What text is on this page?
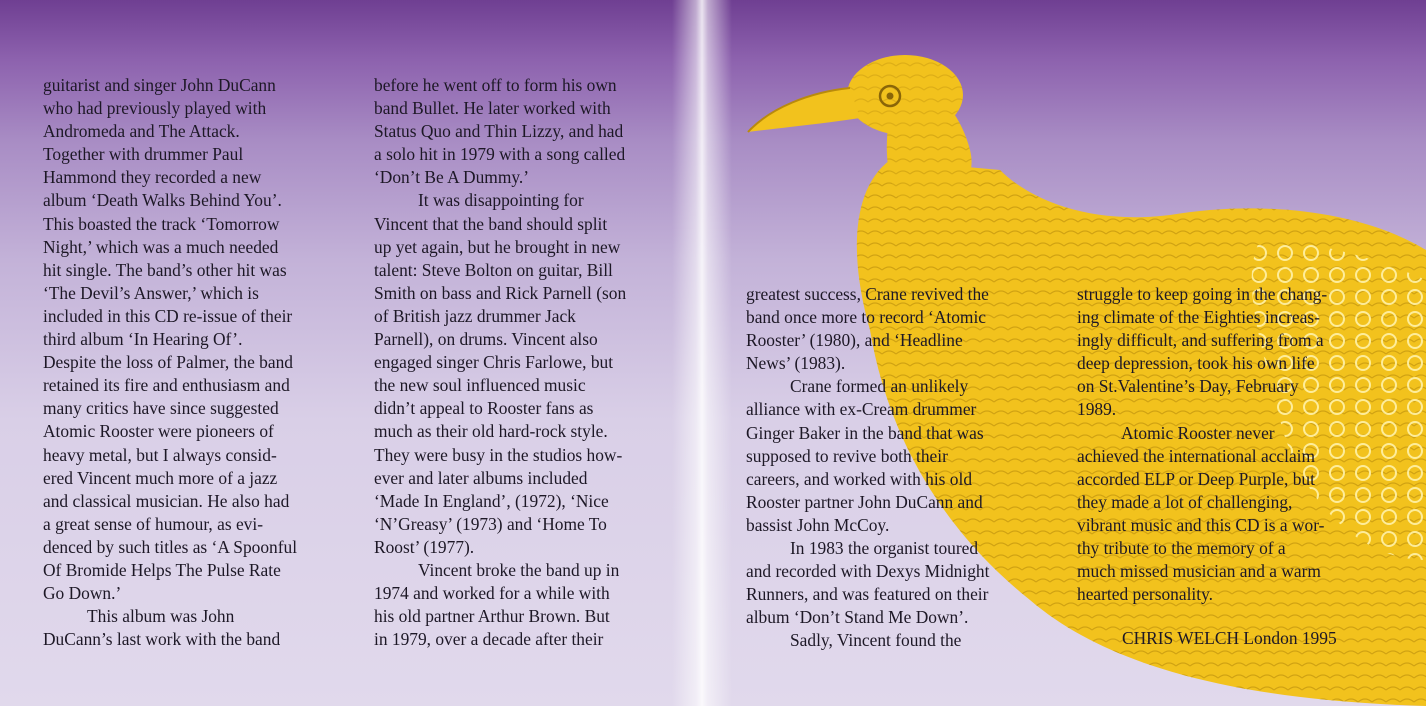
guitarist and singer John DuCann
who had previously played with
Andromeda and The Attack.
Together with drummer Paul
Hammond they recorded a new
album ‘Death Walks Behind You’.
This boasted the track ‘Tomorrow
Night,’ which was a much needed
hit single. The band’s other hit was
‘The Devil’s Answer,’ which is
included in this CD re-issue of their
third album ‘In Hearing Of’.
Despite the loss of Palmer, the band
retained its fire and enthusiasm and
many critics have since suggested
Atomic Rooster were pioneers of
heavy metal, but I always consid-
ered Vincent much more of a jazz
and classical musician. He also had
a great sense of humour, as evi-
denced by such titles as ‘A Spoonful
Of Bromide Helps The Pulse Rate
Go Down.’
This album was John
DuCann’s last work with the band
before he went off to form his own
band Bullet. He later worked with
Status Quo and Thin Lizzy, and had
a solo hit in 1979 with a song called
‘Don’t Be A Dummy.’
It was disappointing for
Vincent that the band should split
up yet again, but he brought in new
talent: Steve Bolton on guitar, Bill
Smith on bass and Rick Parnell (son
of British jazz drummer Jack
Parnell), on drums. Vincent also
engaged singer Chris Farlowe, but
the new soul influenced music
didn’t appeal to Rooster fans as
much as their old hard-rock style.
They were busy in the studios how-
ever and later albums included
‘Made In England’, (1972), ‘Nice
‘N’Greasy’ (1973) and ‘Home To
Roost’ (1977).
Vincent broke the band up in
1974 and worked for a while with
his old partner Arthur Brown. But
in 1979, over a decade after their
greatest success, Crane revived the
band once more to record ‘Atomic
Rooster’ (1980), and ‘Headline
News’ (1983).
Crane formed an unlikely
alliance with ex-Cream drummer
Ginger Baker in the band that was
supposed to revive both their
careers, and worked with his old
Rooster partner John DuCann and
bassist John McCoy.
In 1983 the organist toured
and recorded with Dexys Midnight
Runners, and was featured on their
album ‘Don’t Stand Me Down’.
Sadly, Vincent found the
struggle to keep going in the chang-
ing climate of the Eighties increas-
ingly difficult, and suffering from a
deep depression, took his own life
on St.Valentine’s Day, February
1989.
Atomic Rooster never
achieved the international acclaim
accorded ELP or Deep Purple, but
they made a lot of challenging,
vibrant music and this CD is a wor-
thy tribute to the memory of a
much missed musician and a warm
hearted personality.
CHRIS WELCH London 1995
